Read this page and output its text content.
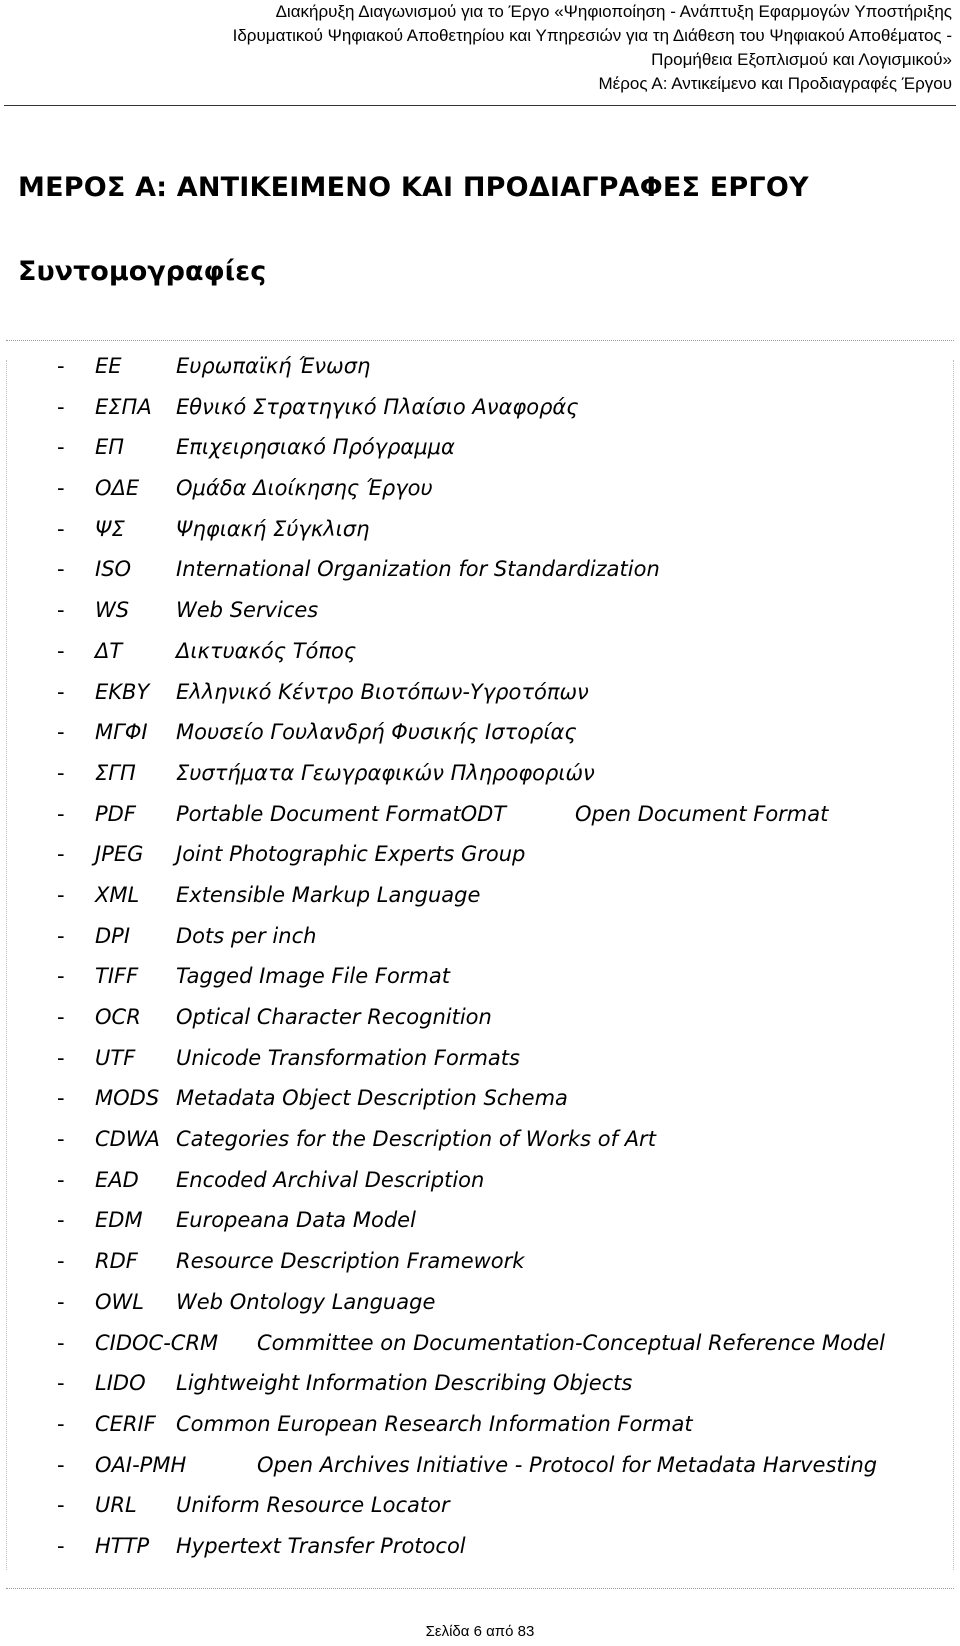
Διακήρυξη Διαγωνισμού για το Έργο «Ψηφιοποίηση - Ανάπτυξη Εφαρμογών Υποστήριξης
Ιδρυματικού Ψηφιακού Αποθετηρίου και Υπηρεσιών για τη Διάθεση του Ψηφιακού Αποθέματος -
Προμήθεια Εξοπλισμού και Λογισμικού»
Μέρος Α: Αντικείμενο και Προδιαγραφές Έργου
ΜΕΡΟΣ Α: ΑΝΤΙΚΕΙΜΕΝΟ ΚΑΙ ΠΡΟΔΙΑΓΡΑΦΕΣ ΕΡΓΟΥ
Συντομογραφίες
- ΕΕ	Ευρωπαϊκή Ένωση
- ΕΣΠΑ Εθνικό Στρατηγικό Πλαίσιο Αναφοράς
- ΕΠ Επιχειρησιακό Πρόγραμμα
- ΟΔΕ Ομάδα Διοίκησης Έργου
- ΨΣ Ψηφιακή Σύγκλιση
- ISO International Organization for Standardization
- WS Web Services
- ΔΤ	Δικτυακός Τόπος
- ΕΚΒΥ Ελληνικό Κέντρο Βιοτόπων-Υγροτόπων
- ΜΓΦΙ Μουσείο Γουλανδρή Φυσικής Ιστορίας
- ΣΓΠ Συστήματα Γεωγραφικών Πληροφοριών
- PDF Portable Document FormatODT	Open Document Format
- JPEG Joint Photographic Experts Group
- XML Extensible Markup Language
- DPI Dots per inch
- TIFF Tagged Image File Format
- OCR Optical Character Recognition
- UTF Unicode Transformation Formats
- MODS Metadata Object Description Schema
- CDWA Categories for the Description of Works of Art
- EAD Encoded Archival Description
- EDM Europeana Data Model
- RDF Resource Description Framework
- OWL Web Ontology Language
- CIDOC-CRM Committee on Documentation-Conceptual Reference Model
- LIDO Lightweight Information Describing Objects
- CERIF Common European Research Information Format
- OAI-PMH	Open Archives Initiative - Protocol for Metadata Harvesting
- URL Uniform Resource Locator
- HTTP Hypertext Transfer Protocol
Σελίδα 6 από 83
